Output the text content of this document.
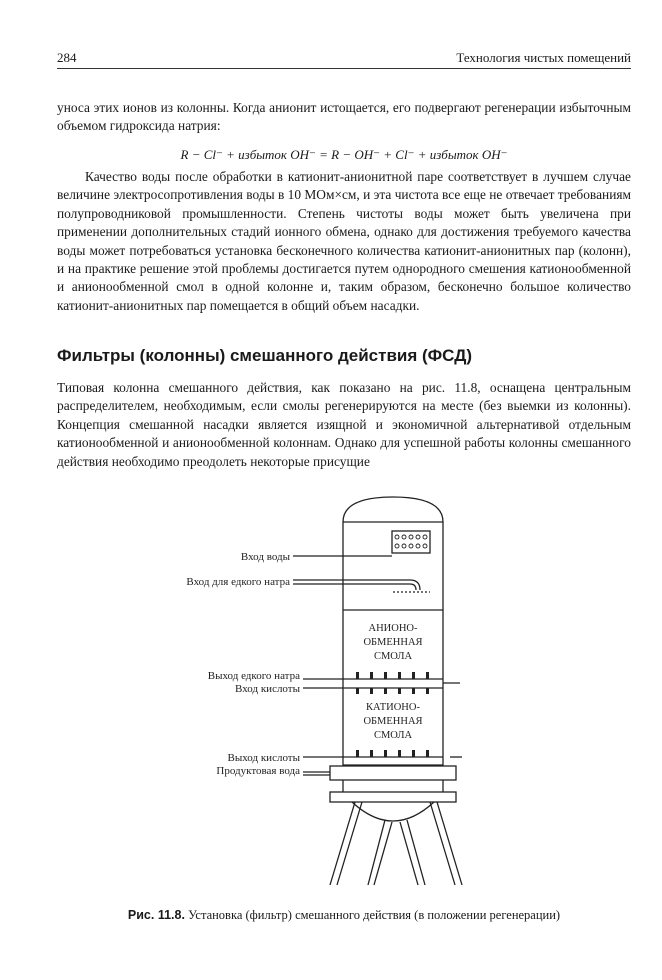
284	Технология чистых помещений

уноса этих ионов из колонны. Когда анионит истощается, его подвергают регенерации избыточным объемом гидроксида натрия:

R − Cl⁻ + избыток OH⁻ = R − OH⁻ + Cl⁻ + избыток OH⁻

Качество воды после обработки в катионит-анионитной паре соответствует в лучшем случае величине электросопротивления воды в 10 МОм×см, и эта чистота все еще не отвечает требованиям полупроводниковой промышленности. Степень чистоты воды может быть увеличена при применении дополнительных стадий ионного обмена, однако для достижения требуемого качества воды может потребоваться установка бесконечного количества катионит-анионитных пар (колонн), и на практике решение этой проблемы достигается путем однородного смешения катионообменной и анионообменной смол в одной колонне и, таким образом, бесконечно большое количество катионит-анионитных пар помещается в общий объем насадки.

Фильтры (колонны) смешанного действия (ФСД)

Типовая колонна смешанного действия, как показано на рис. 11.8, оснащена центральным распределителем, необходимым, если смолы регенерируются на месте (без выемки из колонны). Концепция смешанной насадки является изящной и экономичной альтернативой отдельным катионообменной и анионообменной колоннам. Однако для успешной работы колонны смешанного действия необходимо преодолеть некоторые присущие

Вход воды
Вход для едкого натра
Выход едкого натра
Вход кислоты
Выход кислоты
Продуктовая вода
АНИОНО-
ОБМЕННАЯ
СМОЛА
КАТИОНО-
ОБМЕННАЯ
СМОЛА
Рис. 11.8. Установка (фильтр) смешанного действия (в положении регенерации)
